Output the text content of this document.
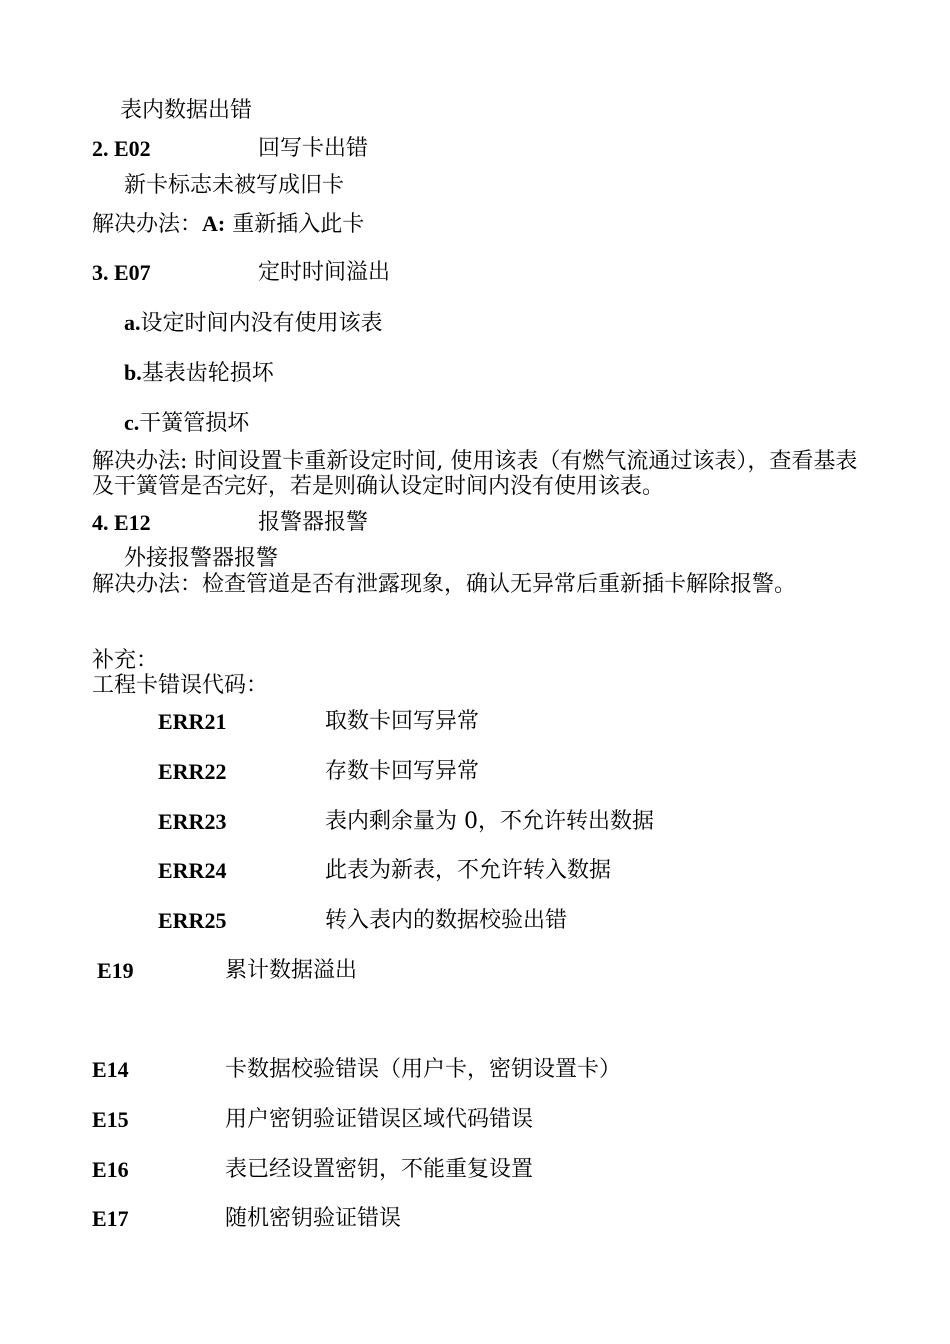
表内数据出错
2. E02	回写卡出错
新卡标志未被写成旧卡
解决办法：A: 重新插入此卡
3. E07	定时时间溢出
a.设定时间内没有使用该表
b.基表齿轮损坏
c.干簧管损坏
解决办法: 时间设置卡重新设定时间, 使用该表（有燃气流通过该表），查看基表及干簧管是否完好，若是则确认设定时间内没有使用该表。
4. E12	报警器报警
外接报警器报警
解决办法：检查管道是否有泄露现象，确认无异常后重新插卡解除报警。
补充：
工程卡错误代码：
ERR21	取数卡回写异常
ERR22	存数卡回写异常
ERR23	表内剩余量为 0，不允许转出数据
ERR24	此表为新表，不允许转入数据
ERR25	转入表内的数据校验出错
E19	累计数据溢出
E14	卡数据校验错误（用户卡，密钥设置卡）
E15	用户密钥验证错误区域代码错误
E16	表已经设置密钥，不能重复设置
E17	随机密钥验证错误
